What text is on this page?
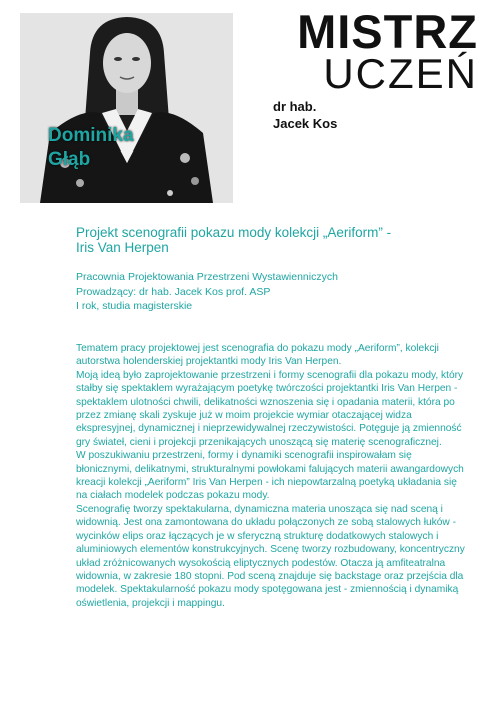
Dominika
Głąb
MISTRZ
UCZEŃ
dr hab.
Jacek Kos
Projekt scenografii pokazu mody kolekcji „Aeriform” - Iris Van Herpen
Pracownia Projektowania Przestrzeni Wystawienniczych
Prowadzący: dr hab. Jacek Kos prof. ASP
I rok, studia magisterskie

Tematem pracy projektowej jest scenografia do pokazu mody „Aeriform”, kolekcji autorstwa holenderskiej projektantki mody Iris Van Herpen.

Moją ideą było zaprojektowanie przestrzeni i formy scenografii dla pokazu mody, który stałby się spektaklem wyrażającym poetykę twórczości projektantki Iris Van Herpen - spektaklem ulotności chwili, delikatności wznoszenia się i opadania materii, która po przez zmianę skali zyskuje już w moim projekcie wymiar otaczającej widza ekspresyjnej, dynamicznej i nieprzewidywalnej rzeczywistości. Potęguje ją zmienność gry świateł, cieni i projekcji przenikających unoszącą się materię scenograficznej.

W poszukiwaniu przestrzeni, formy i dynamiki scenografii inspirowałam się błonicznymi, delikatnymi, strukturalnymi powłokami falujących materii awangardowych kreacji kolekcji „Aeriform” Iris Van Herpen - ich niepowtarzalną poetyką układania się na ciałach modelek podczas pokazu mody.

Scenografię tworzy spektakularna, dynamiczna materia unosząca się nad sceną i widownią. Jest ona zamontowana do układu połączonych ze sobą stalowych łuków - wycinków elips oraz łączących je w sferyczną strukturę dodatkowych stalowych i aluminiowych elementów konstrukcyjnych. Scenę tworzy rozbudowany, koncentryczny układ zróżnicowanych wysokością eliptycznych podestów. Otacza ją amfiteatralna widownia, w zakresie 180 stopni. Pod sceną znajduje się backstage oraz przejścia dla modelek. Spektakularność pokazu mody spotęgowana jest - zmiennością i dynamiką oświetlenia, projekcji i mappingu.
